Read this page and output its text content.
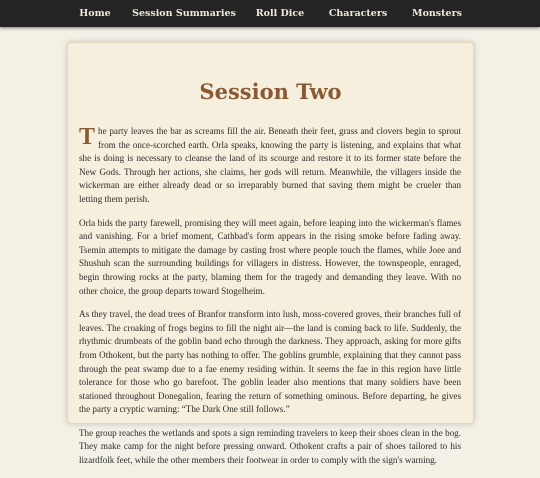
Home Session Summaries Roll Dice	Characters	Monsters
Session Two

The party leaves the bar as screams fill the air. Beneath their feet, grass and clovers begin to sprout from the once-scorched earth. Orla speaks, knowing the party is listening, and explains that what she is doing is necessary to cleanse the land of its scourge and restore it to its former state before the New Gods. Through her actions, she claims, her gods will return. Meanwhile, the villagers inside the wickerman are either already dead or so irreparably burned that saving them might be crueler than letting them perish.

Orla bids the party farewell, promising they will meet again, before leaping into the wickerman's flames and vanishing. For a brief moment, Cathbad's form appears in the rising smoke before fading away. Tsemin attempts to mitigate the damage by casting frost where people touch the flames, while Joee and Shushuh scan the surrounding buildings for villagers in distress. However, the townspeople, enraged, begin throwing rocks at the party, blaming them for the tragedy and demanding they leave. With no other choice, the group departs toward Stogelheim.

As they travel, the dead trees of Branfor transform into lush, moss-covered groves, their branches full of leaves. The croaking of frogs begins to fill the night air—the land is coming back to life. Suddenly, the rhythmic drumbeats of the goblin band echo through the darkness. They approach, asking for more gifts from Othokent, but the party has nothing to offer. The goblins grumble, explaining that they cannot pass through the peat swamp due to a fae enemy residing within. It seems the fae in this region have little tolerance for those who go barefoot. The goblin leader also mentions that many soldiers have been stationed throughout Donegalion, fearing the return of something ominous. Before departing, he gives the party a cryptic warning: “The Dark One still follows.”

The group reaches the wetlands and spots a sign reminding travelers to keep their shoes clean in the bog. They make camp for the night before pressing onward. Othokent crafts a pair of shoes tailored to his lizardfolk feet, while the other members their footwear in order to comply with the sign's warning.
